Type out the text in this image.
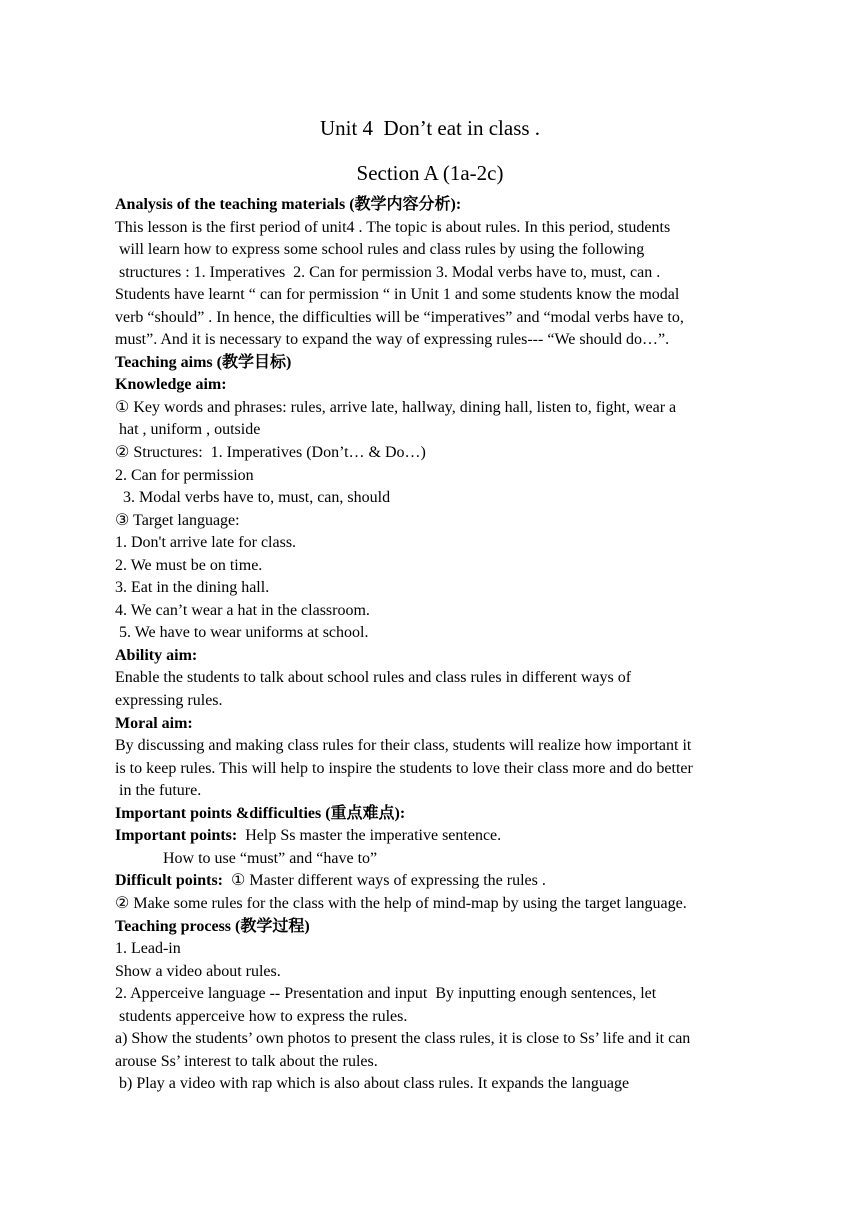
Unit 4  Don’t eat in class .
Section A (1a-2c)
Analysis of the teaching materials (教学内容分析):
This lesson is the first period of unit4 . The topic is about rules. In this period, students
will learn how to express some school rules and class rules by using the following
structures : 1. Imperatives  2. Can for permission 3. Modal verbs have to, must, can .
Students have learnt “ can for permission “ in Unit 1 and some students know the modal
verb “should” . In hence, the difficulties will be “imperatives” and “modal verbs have to,
must”. And it is necessary to expand the way of expressing rules--- “We should do…”.
Teaching aims (教学目标)
Knowledge aim:
① Key words and phrases: rules, arrive late, hallway, dining hall, listen to, fight, wear a
hat , uniform , outside
② Structures:  1. Imperatives (Don’t… & Do…)
2. Can for permission
3. Modal verbs have to, must, can, should
③ Target language:
1. Don't arrive late for class.
2. We must be on time.
3. Eat in the dining hall.
4. We can’t wear a hat in the classroom.
5. We have to wear uniforms at school.
Ability aim:
Enable the students to talk about school rules and class rules in different ways of
expressing rules.
Moral aim:
By discussing and making class rules for their class, students will realize how important it
is to keep rules. This will help to inspire the students to love their class more and do better
in the future.
Important points &difficulties (重点难点):
Important points:  Help Ss master the imperative sentence.
How to use “must” and “have to”
Difficult points:  ① Master different ways of expressing the rules .
② Make some rules for the class with the help of mind-map by using the target language.
Teaching process (教学过程)
1. Lead-in
Show a video about rules.
2. Apperceive language -- Presentation and input  By inputting enough sentences, let
students apperceive how to express the rules.
a) Show the students’ own photos to present the class rules, it is close to Ss’ life and it can
arouse Ss’ interest to talk about the rules.
b) Play a video with rap which is also about class rules. It expands the language
